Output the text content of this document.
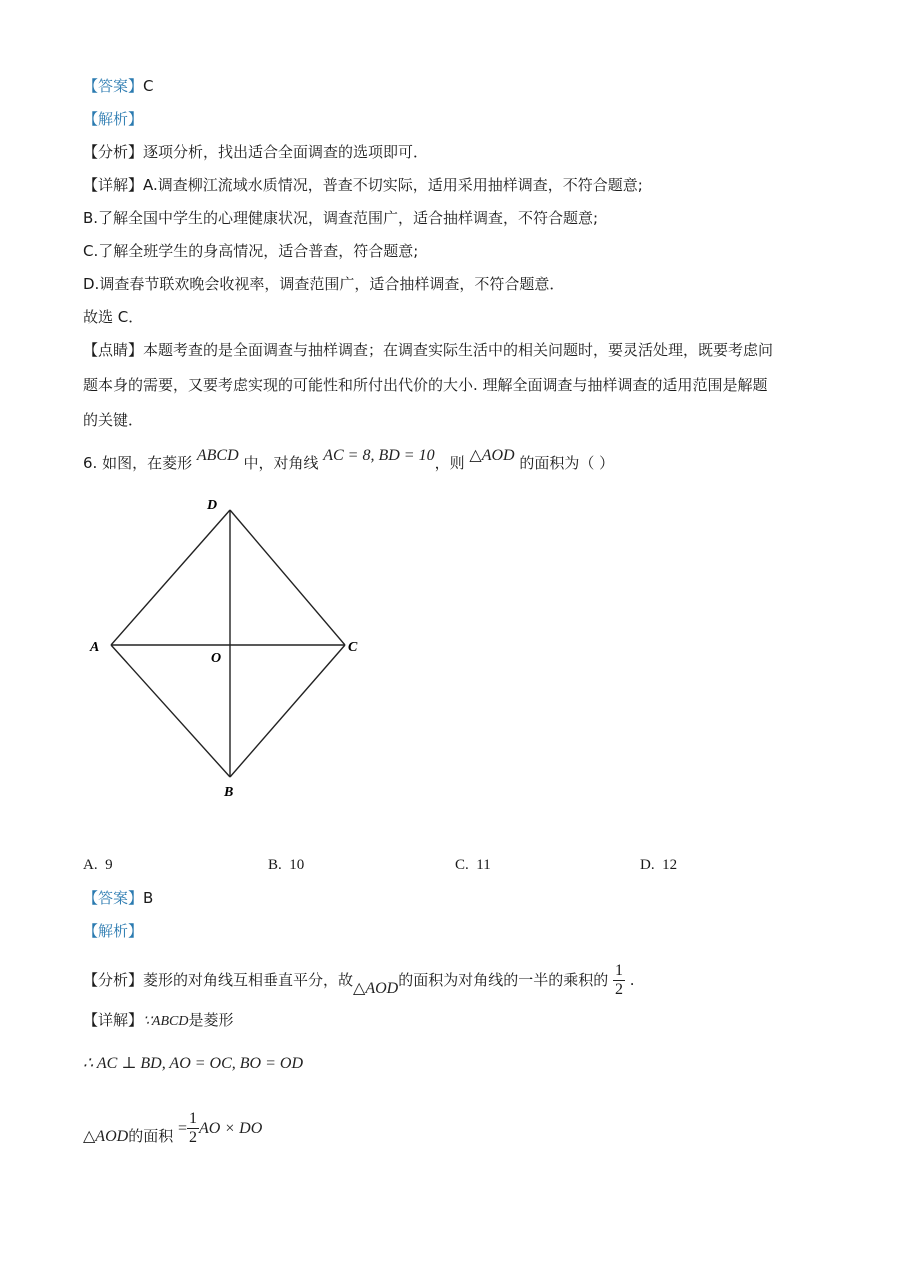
【答案】C
【解析】
【分析】逐项分析，找出适合全面调查的选项即可．
【详解】A.调查柳江流域水质情况，普查不切实际，适用采用抽样调查，不符合题意;
B.了解全国中学生的心理健康状况，调查范围广，适合抽样调查，不符合题意;
C.了解全班学生的身高情况，适合普查，符合题意;
D.调查春节联欢晚会收视率，调查范围广，适合抽样调查，不符合题意．
故选 C．
【点睛】本题考查的是全面调查与抽样调查；在调查实际生活中的相关问题时，要灵活处理，既要考虑问
题本身的需要，又要考虑实现的可能性和所付出代价的大小. 理解全面调查与抽样调查的适用范围是解题
的关键．
6. 如图，在菱形 ABCD 中，对角线 AC = 8, BD = 10，则 △AOD 的面积为（ ）
D
A	C
O
B
A. 9	B. 10	C. 11	D. 12
【答案】B
【解析】
【分析】菱形的对角线互相垂直平分，故△AOD的面积为对角线的一半的乘积的 $\frac{1}{2}$ .
【详解】∵ABCD是菱形
∴ AC ⊥ BD, AO = OC, BO = OD
△AOD的面积 = $\frac{1}{2}$ AO × DO
